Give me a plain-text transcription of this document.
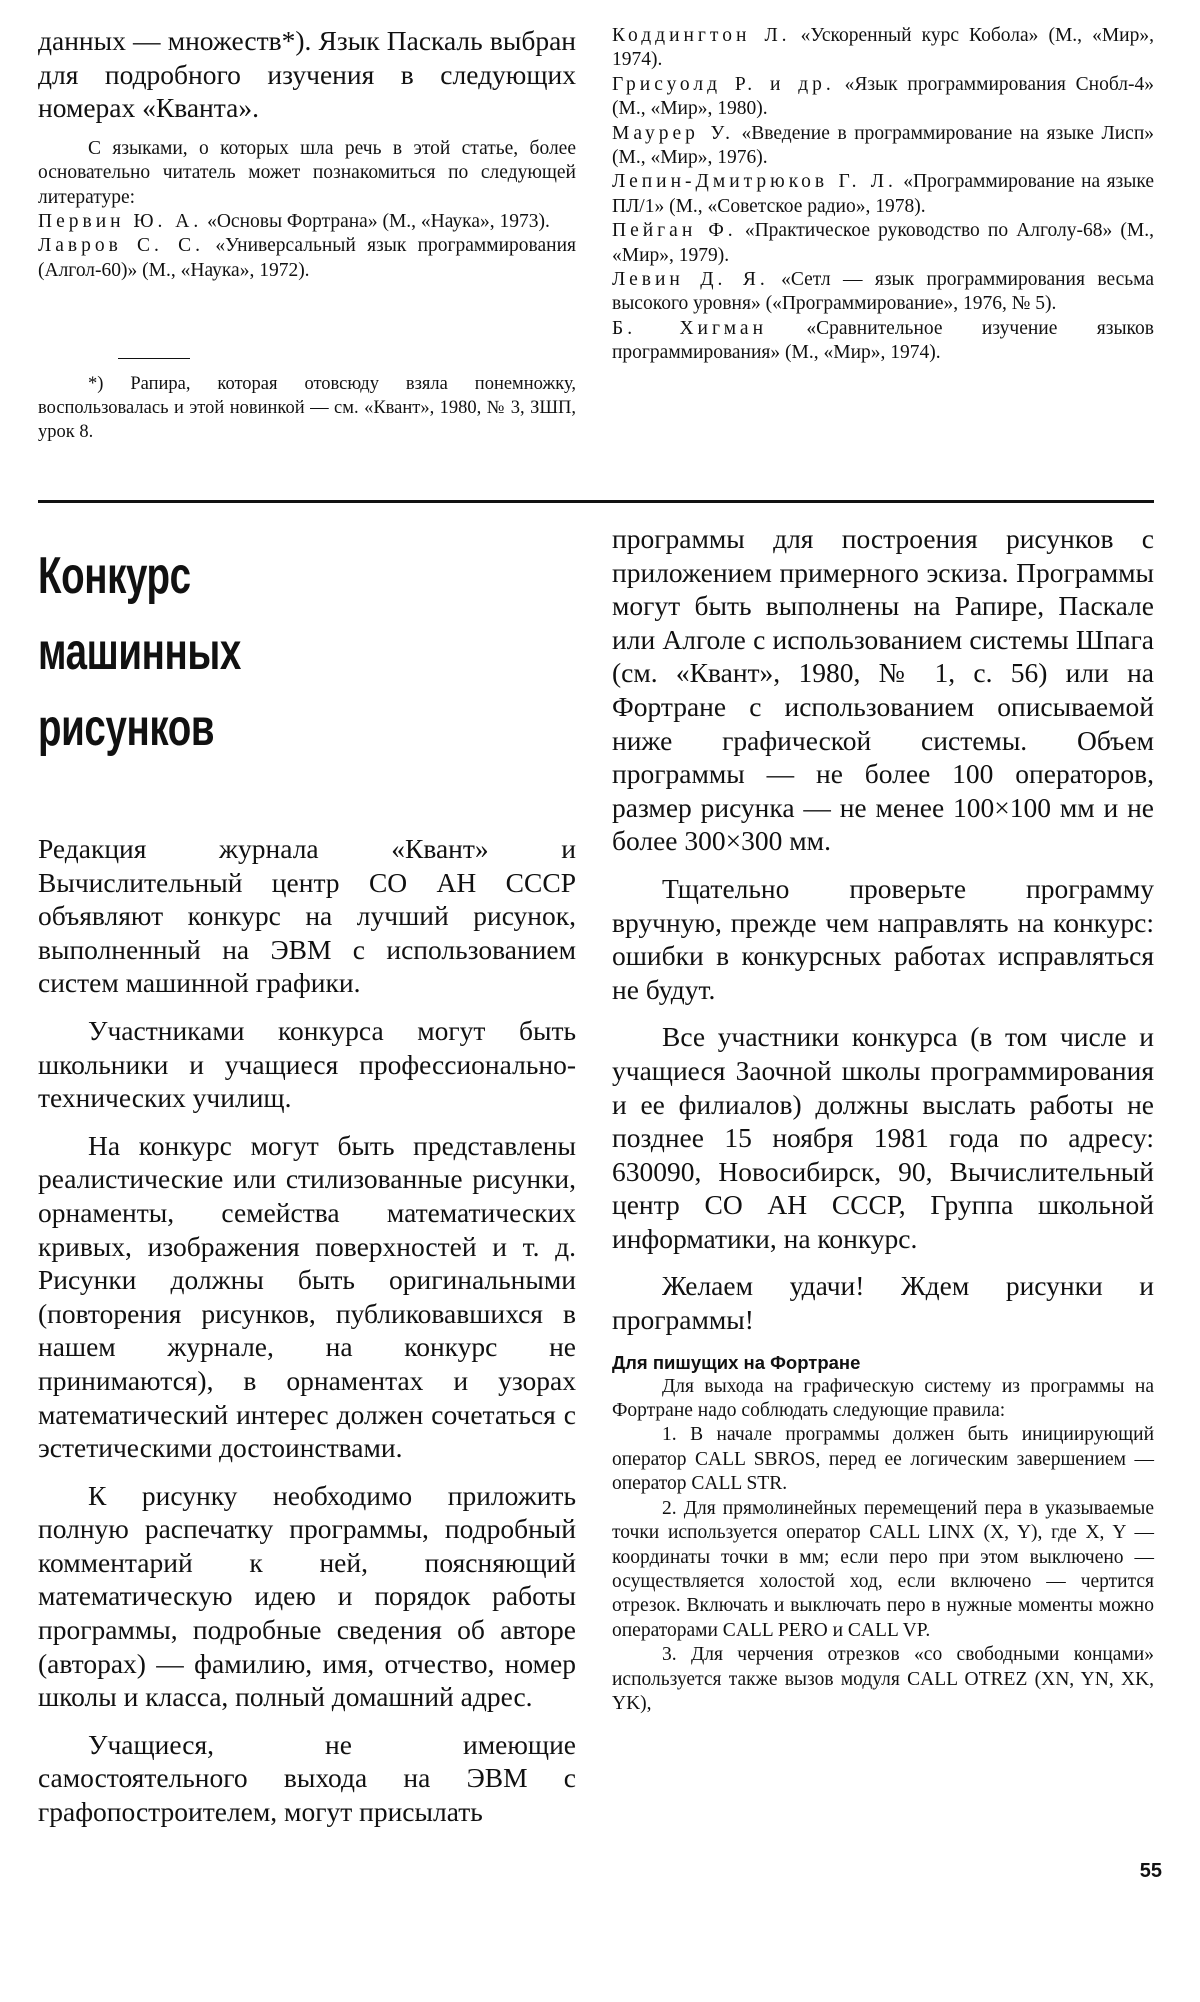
данных — множеств*). Язык Паскаль выбран для подробного изучения в следующих номерах «Кванта».

С языками, о которых шла речь в этой статье, более основательно читатель может познакомиться по следующей литературе:

Первин Ю. А. «Основы Фортрана» (М., «Наука», 1973).

Лавров С. С. «Универсальный язык программирования (Алгол-60)» (М., «Наука», 1972).

*) Рапира, которая отовсюду взяла понемножку, воспользовалась и этой новинкой — см. «Квант», 1980, № 3, ЗШП, урок 8.

Коддингтон Л. «Ускоренный курс Кобола» (М., «Мир», 1974).

Грисуолд Р. и др. «Язык программирования Снобл-4» (М., «Мир», 1980).

Маурер У. «Введение в программирование на языке Лисп» (М., «Мир», 1976).

Лепин-Дмитрюков Г. Л. «Программирование на языке ПЛ/1» (М., «Советское радио», 1978).

Пейган Ф. «Практическое руководство по Алголу-68» (М., «Мир», 1979).

Левин Д. Я. «Сетл — язык программирования весьма высокого уровня» («Программирование», 1976, № 5).

Б. Хигман «Сравнительное изучение языков программирования» (М., «Мир», 1974).

Конкурс
машинных
рисунков

Редакция журнала «Квант» и Вычислительный центр СО АН СССР объявляют конкурс на лучший рисунок, выполненный на ЭВМ с использованием систем машинной графики.

Участниками конкурса могут быть школьники и учащиеся профессионально-технических училищ.

На конкурс могут быть представлены реалистические или стилизованные рисунки, орнаменты, семейства математических кривых, изображения поверхностей и т. д. Рисунки должны быть оригинальными (повторения рисунков, публиковавшихся в нашем журнале, на конкурс не принимаются), в орнаментах и узорах математический интерес должен сочетаться с эстетическими достоинствами.

К рисунку необходимо приложить полную распечатку программы, подробный комментарий к ней, поясняющий математическую идею и порядок работы программы, подробные сведения об авторе (авторах) — фамилию, имя, отчество, номер школы и класса, полный домашний адрес.

Учащиеся, не имеющие самостоятельного выхода на ЭВМ с графопостроителем, могут присылать

программы для построения рисунков с приложением примерного эскиза. Программы могут быть выполнены на Рапире, Паскале или Алголе с использованием системы Шпага (см. «Квант», 1980, № 1, с. 56) или на Фортране с использованием описываемой ниже графической системы. Объем программы — не более 100 операторов, размер рисунка — не менее 100×100 мм и не более 300×300 мм.

Тщательно проверьте программу вручную, прежде чем направлять на конкурс: ошибки в конкурсных работах исправляться не будут.

Все участники конкурса (в том числе и учащиеся Заочной школы программирования и ее филиалов) должны выслать работы не позднее 15 ноября 1981 года по адресу: 630090, Новосибирск, 90, Вычислительный центр СО АН СССР, Группа школьной информатики, на конкурс.

Желаем удачи! Ждем рисунки и программы!

Для пишущих на Фортране

Для выхода на графическую систему из программы на Фортране надо соблюдать следующие правила:

1. В начале программы должен быть инициирующий оператор CALL SBROS, перед ее логическим завершением — оператор CALL STR.

2. Для прямолинейных перемещений пера в указываемые точки используется оператор CALL LINX (X, Y), где X, Y — координаты точки в мм; если перо при этом выключено — осуществляется холостой ход, если включено — чертится отрезок. Включать и выключать перо в нужные моменты можно операторами CALL PERO и CALL VP.

3. Для черчения отрезков «со свободными концами» используется также вызов модуля CALL OTREZ (XN, YN, XK, YK),

55
